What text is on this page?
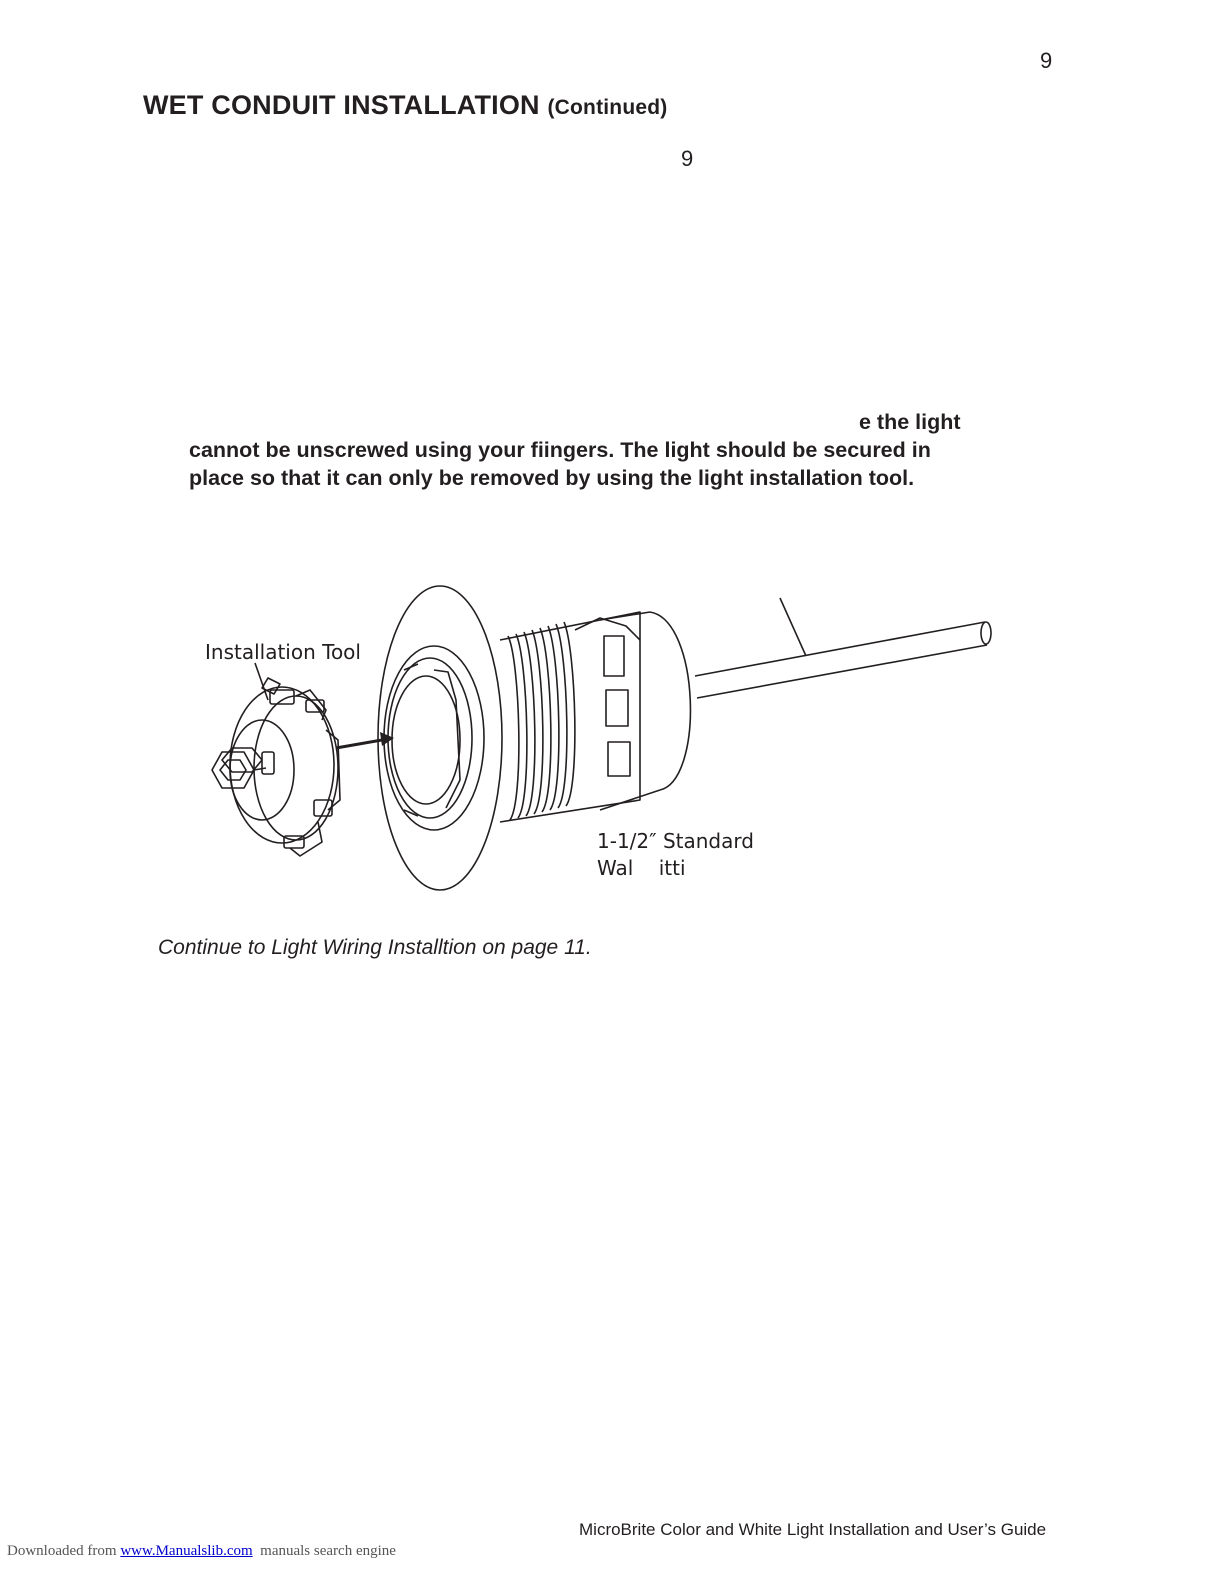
9
WET CONDUIT INSTALLATION (Continued)
9
e the light
cannot be unscrewed using your fiingers. The light should be secured in
place so that it can only be removed by using the light installation tool.
Installation Tool
1-1/2″ Standard
Wal    itti
Continue to Light Wiring Installtion on page 11.
MicroBrite Color and White Light Installation and User’s Guide
Downloaded from www.Manualslib.com  manuals search engine
